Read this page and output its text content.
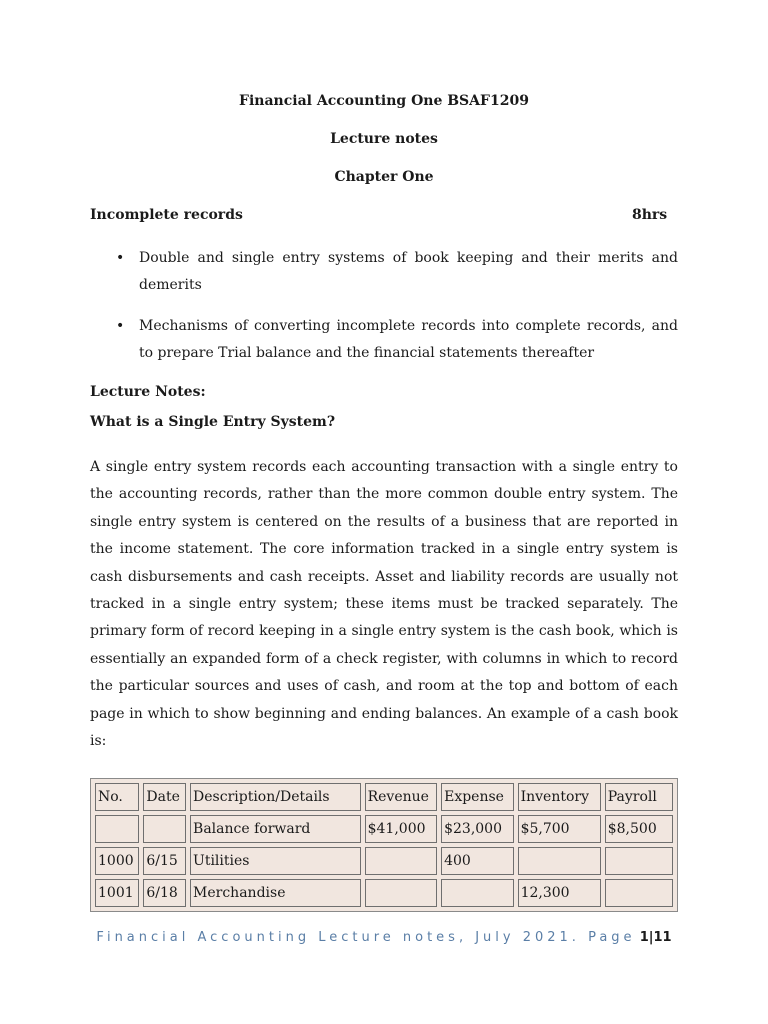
Financial Accounting One BSAF1209
Lecture notes
Chapter One
Incomplete records	8hrs
• Double and single entry systems of book keeping and their merits and demerits
• Mechanisms of converting incomplete records into complete records, and to prepare Trial balance and the financial statements thereafter
Lecture Notes:
What is a Single Entry System?

A single entry system records each accounting transaction with a single entry to the accounting records, rather than the more common double entry system. The single entry system is centered on the results of a business that are reported in the income statement. The core information tracked in a single entry system is cash disbursements and cash receipts. Asset and liability records are usually not tracked in a single entry system; these items must be tracked separately. The primary form of record keeping in a single entry system is the cash book, which is essentially an expanded form of a check register, with columns in which to record the particular sources and uses of cash, and room at the top and bottom of each page in which to show beginning and ending balances. An example of a cash book is:

No.	Date	Description/Details	Revenue	Expense	Inventory	Payroll
		Balance forward	$41,000	$23,000	$5,700	$8,500
1000	6/15	Utilities		400		
1001	6/18	Merchandise			12,300	
Financial Accounting Lecture notes, July 2021. Page 1|11
